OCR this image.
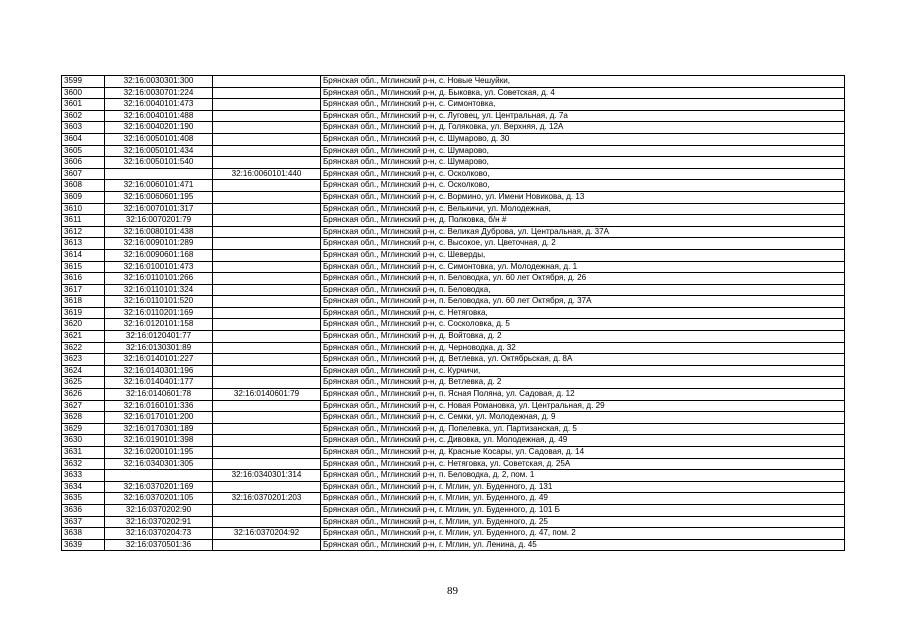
3599	32:16:0030301:300		Брянская обл., Мглинский р-н, с. Новые Чешуйки,
3600	32:16:0030701:224		Брянская обл., Мглинский р-н, д. Быковка, ул. Советская, д. 4
3601	32:16:0040101:473		Брянская обл., Мглинский р-н, с. Симонтовка,
3602	32:16:0040101:488		Брянская обл., Мглинский р-н, с. Луговец, ул. Центральная, д. 7а
3603	32:16:0040201:190		Брянская обл., Мглинский р-н, д. Голяковка, ул. Верхняя, д. 12А
3604	32:16:0050101:408		Брянская обл., Мглинский р-н, с. Шумарово, д. 30
3605	32:16:0050101:434		Брянская обл., Мглинский р-н, с. Шумарово,
3606	32:16:0050101:540		Брянская обл., Мглинский р-н, с. Шумарово,
3607		32:16:0060101:440	Брянская обл., Мглинский р-н, с. Осколково,
3608	32:16:0060101:471		Брянская обл., Мглинский р-н, с. Осколково,
3609	32:16:0060601:195		Брянская обл., Мглинский р-н, с. Вормино, ул. Имени Новикова, д. 13
3610	32:16:0070101:317		Брянская обл., Мглинский р-н, с. Велькичи, ул. Молодежная,
3611	32:16:0070201:79		Брянская обл., Мглинский р-н, д. Полковка, б/н #
3612	32:16:0080101:438		Брянская обл., Мглинский р-н, с. Великая Дуброва, ул. Центральная, д. 37А
3613	32:16:0090101:289		Брянская обл., Мглинский р-н, с. Высокое, ул. Цветочная, д. 2
3614	32:16:0090601:168		Брянская обл., Мглинский р-н, с. Шеверды,
3615	32:16:0100101:473		Брянская обл., Мглинский р-н, с. Симонтовка, ул. Молодежная, д. 1
3616	32:16:0110101:266		Брянская обл., Мглинский р-н, п. Беловодка, ул. 60 лет Октября, д. 26
3617	32:16:0110101:324		Брянская обл., Мглинский р-н, п. Беловодка,
3618	32:16:0110101:520		Брянская обл., Мглинский р-н, п. Беловодка, ул. 60 лет Октября, д. 37А
3619	32:16:0110201:169		Брянская обл., Мглинский р-н, с. Нетяговка,
3620	32:16:0120101:158		Брянская обл., Мглинский р-н, с. Сосколовка, д. 5
3621	32:16:0120401:77		Брянская обл., Мглинский р-н, д. Войтовка, д. 2
3622	32:16:0130301:89		Брянская обл., Мглинский р-н, д. Черноводка, д. 32
3623	32:16:0140101:227		Брянская обл., Мглинский р-н, д. Ветлевка, ул. Октябрьская, д. 8А
3624	32:16:0140301:196		Брянская обл., Мглинский р-н, с. Курчичи,
3625	32:16:0140401:177		Брянская обл., Мглинский р-н, д. Ветлевка, д. 2
3626	32:16:0140601:78	32:16:0140601:79	Брянская обл., Мглинский р-н, п. Ясная Поляна, ул. Садовая, д. 12
3627	32:16:0160101:336		Брянская обл., Мглинский р-н, с. Новая Романовка, ул. Центральная, д. 29
3628	32:16:0170101:200		Брянская обл., Мглинский р-н, с. Семки, ул. Молодежная, д. 9
3629	32:16:0170301:189		Брянская обл., Мглинский р-н, д. Попелевка, ул. Партизанская, д. 5
3630	32:16:0190101:398		Брянская обл., Мглинский р-н, с. Дивовка, ул. Молодежная, д. 49
3631	32:16:0200101:195		Брянская обл., Мглинский р-н, д. Красные Косары, ул. Садовая, д. 14
3632	32:16:0340301:305		Брянская обл., Мглинский р-н, с. Нетяговка, ул. Советская, д. 25А
3633		32:16:0340301:314	Брянская обл., Мглинский р-н, п. Беловодка, д. 2, пом. 1
3634	32:16:0370201:169		Брянская обл., Мглинский р-н, г. Мглин, ул. Буденного, д. 131
3635	32:16:0370201:105	32:16:0370201:203	Брянская обл., Мглинский р-н, г. Мглин, ул. Буденного, д. 49
3636	32:16:0370202:90		Брянская обл., Мглинский р-н, г. Мглин, ул. Буденного, д. 101 Б
3637	32:16:0370202:91		Брянская обл., Мглинский р-н, г. Мглин, ул. Буденного, д. 25
3638	32:16:0370204:73	32:16:0370204:92	Брянская обл., Мглинский р-н, г. Мглин, ул. Буденного, д. 47, пом. 2
3639	32:16:0370501:36		Брянская обл., Мглинский р-н, г. Мглин, ул. Ленина, д. 45
89
